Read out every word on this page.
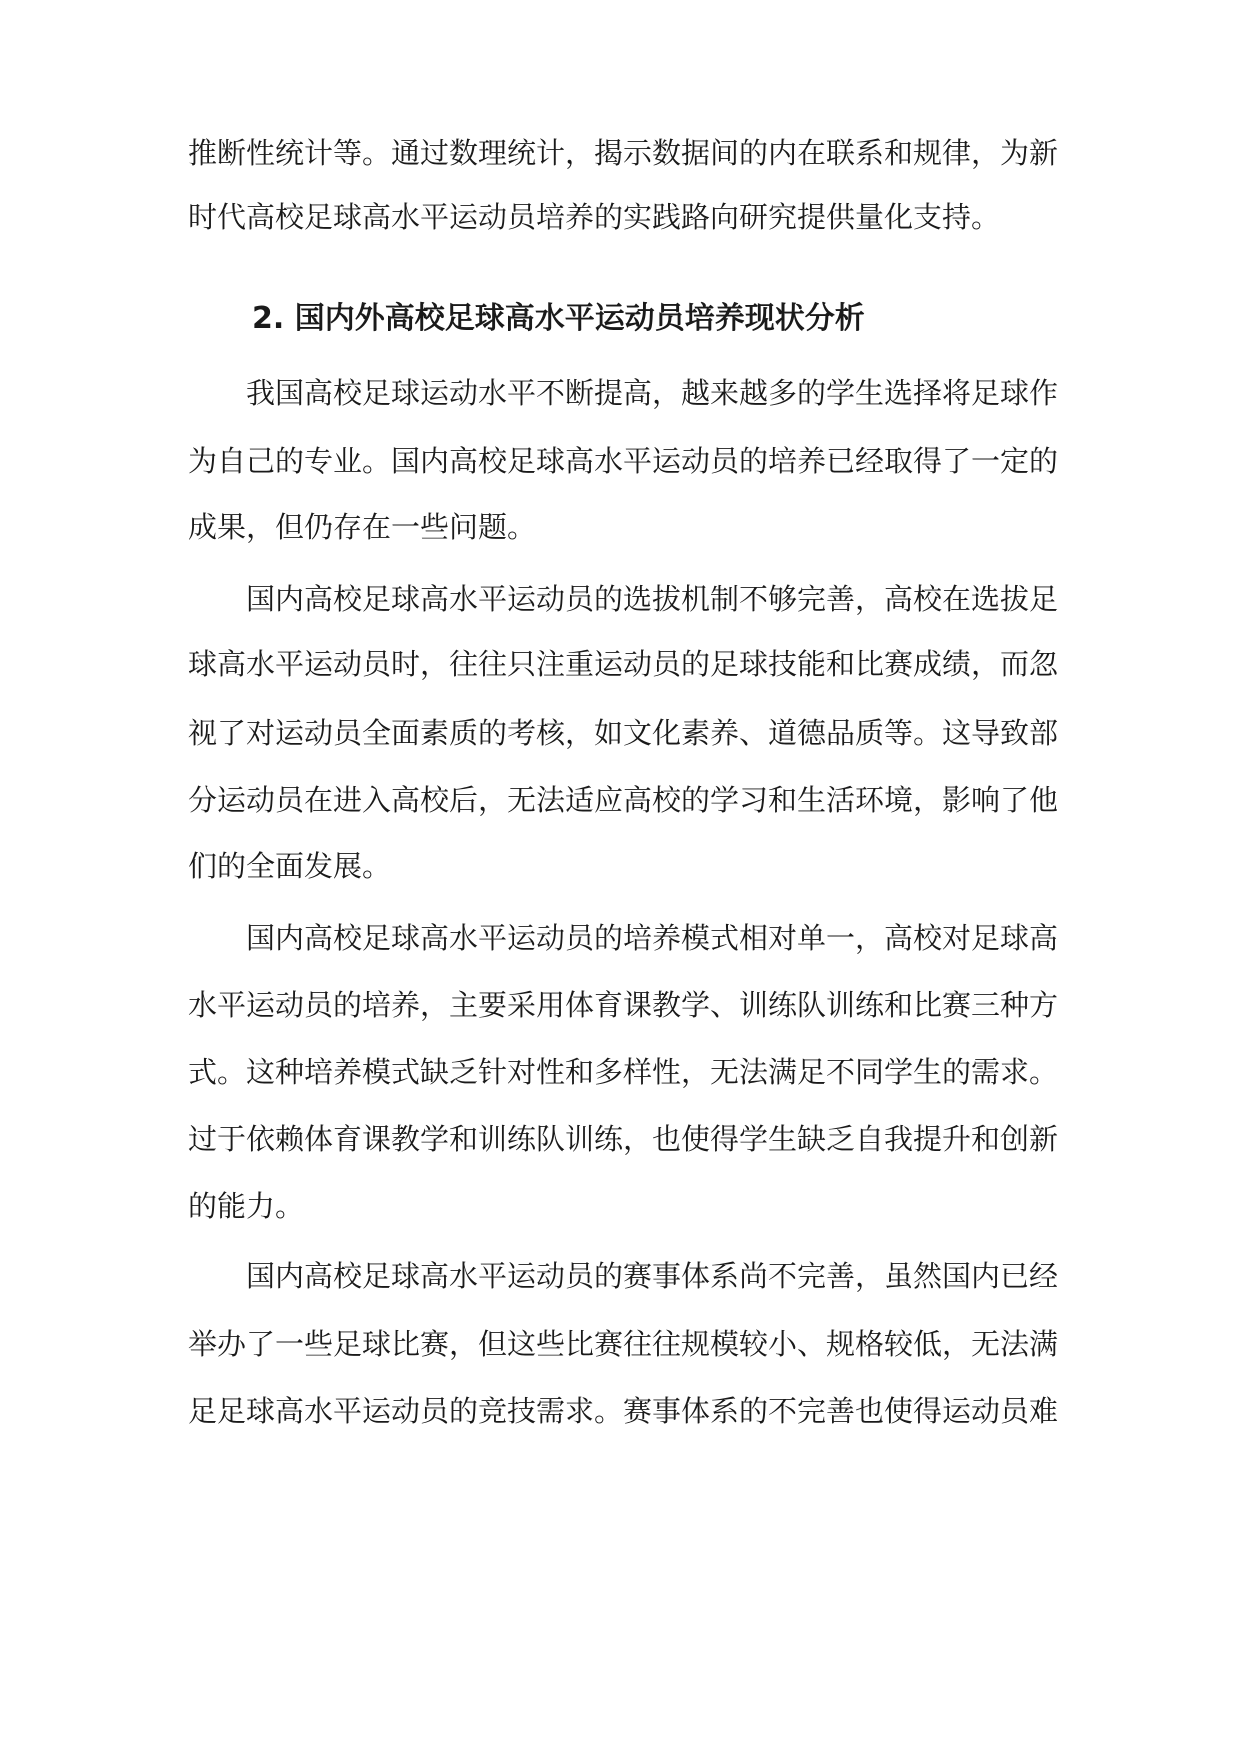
推断性统计等。通过数理统计，揭示数据间的内在联系和规律，为新
时代高校足球高水平运动员培养的实践路向研究提供量化支持。
2. 国内外高校足球高水平运动员培养现状分析
我国高校足球运动水平不断提高，越来越多的学生选择将足球作
为自己的专业。国内高校足球高水平运动员的培养已经取得了一定的
成果，但仍存在一些问题。
国内高校足球高水平运动员的选拔机制不够完善，高校在选拔足
球高水平运动员时，往往只注重运动员的足球技能和比赛成绩，而忽
视了对运动员全面素质的考核，如文化素养、道德品质等。这导致部
分运动员在进入高校后，无法适应高校的学习和生活环境，影响了他
们的全面发展。
国内高校足球高水平运动员的培养模式相对单一，高校对足球高
水平运动员的培养，主要采用体育课教学、训练队训练和比赛三种方
式。这种培养模式缺乏针对性和多样性，无法满足不同学生的需求。
过于依赖体育课教学和训练队训练，也使得学生缺乏自我提升和创新
的能力。
国内高校足球高水平运动员的赛事体系尚不完善，虽然国内已经
举办了一些足球比赛，但这些比赛往往规模较小、规格较低，无法满
足足球高水平运动员的竞技需求。赛事体系的不完善也使得运动员难
